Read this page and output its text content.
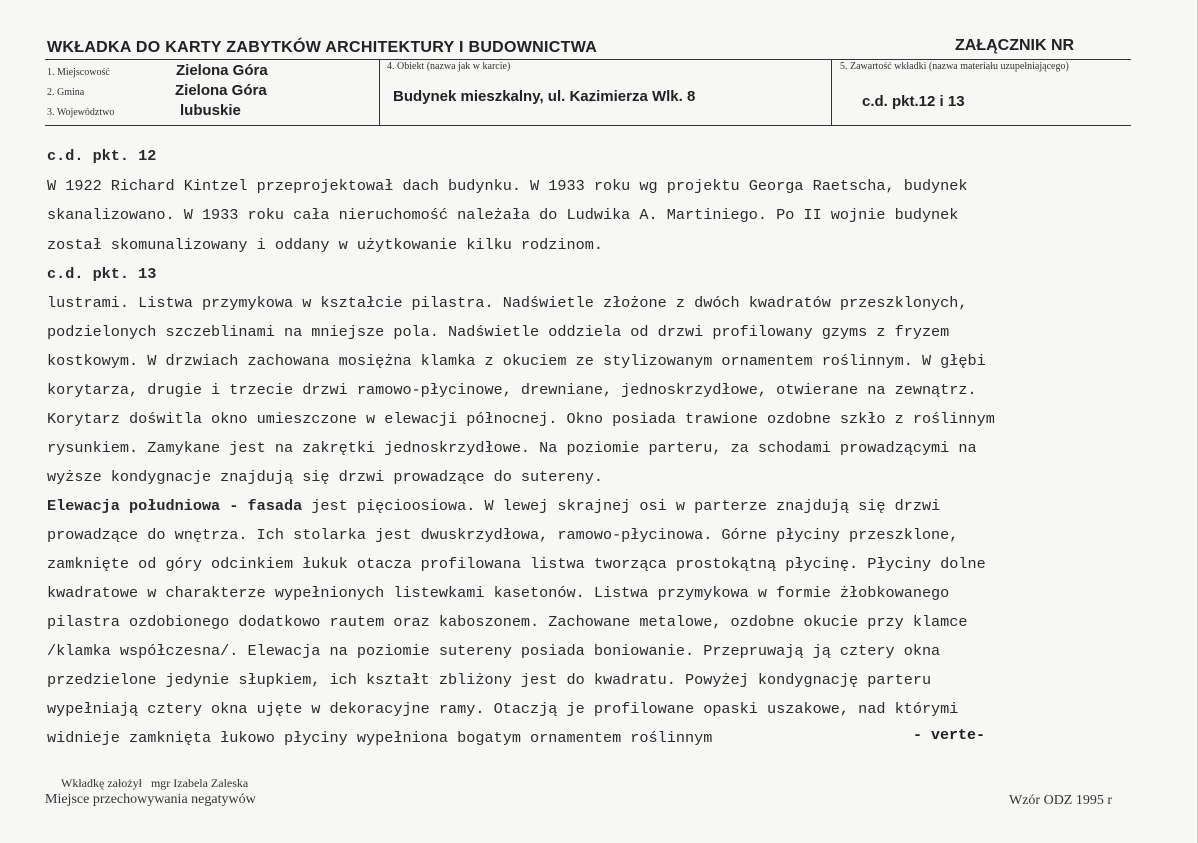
WKŁADKA DO KARTY ZABYTKÓW ARCHITEKTURY I BUDOWNICTWA	ZAŁĄCZNIK NR
1. Miejscowość	Zielona Góra
2. Gmina	Zielona Góra
3. Województwo	lubuskie
4. Obiekt (nazwa jak w karcie)
Budynek mieszkalny, ul. Kazimierza Wlk. 8
5. Zawartość wkładki (nazwa materiału uzupełniającego)
c.d. pkt.12 i 13
c.d. pkt. 12
W 1922 Richard Kintzel przeprojektował dach budynku. W 1933 roku wg projektu Georga Raetscha, budynek
skanalizowano. W 1933 roku cała nieruchomość należała do Ludwika A. Martiniego. Po II wojnie budynek
został skomunalizowany i oddany w użytkowanie kilku rodzinom.
c.d. pkt. 13
lustrami. Listwa przymykowa w kształcie pilastra. Nadświetle złożone z dwóch kwadratów przeszklonych,
podzielonych szczeblinami na mniejsze pola. Nadświetle oddziela od drzwi profilowany gzyms z fryzem
kostkowym. W drzwiach zachowana mosiężna klamka z okuciem ze stylizowanym ornamentem roślinnym. W głębi
korytarza, drugie i trzecie drzwi ramowo-płycinowe, drewniane, jednoskrzydłowe, otwierane na zewnątrz.
Korytarz doświtla okno umieszczone w elewacji północnej. Okno posiada trawione ozdobne szkło z roślinnym
rysunkiem. Zamykane jest na zakrętki jednoskrzydłowe. Na poziomie parteru, za schodami prowadzącymi na
wyższe kondygnacje znajdują się drzwi prowadzące do sutereny.
Elewacja południowa - fasada jest pięcioosiowa. W lewej skrajnej osi w parterze znajdują się drzwi
prowadzące do wnętrza. Ich stolarka jest dwuskrzydłowa, ramowo-płycinowa. Górne płyciny przeszklone,
zamknięte od góry odcinkiem łukuk otacza profilowana listwa tworząca prostokątną płycinę. Płyciny dolne
kwadratowe w charakterze wypełnionych listewkami kasetonów. Listwa przymykowa w formie żłobkowanego
pilastra ozdobionego dodatkowo rautem oraz kaboszonem. Zachowane metalowe, ozdobne okucie przy klamce
/klamka współczesna/. Elewacja na poziomie sutereny posiada boniowanie. Przepruwają ją cztery okna
przedzielone jedynie słupkiem, ich kształt zbliżony jest do kwadratu. Powyżej kondygnację parteru
wypełniają cztery okna ujęte w dekoracyjne ramy. Otaczją je profilowane opaski uszakowe, nad którymi
widnieje zamknięta łukowo płyciny wypełniona bogatym ornamentem roślinnym	- verte-
Wkładkę założył mgr Izabela Zaleska
Miejsce przechowywania negatywów	Wzór ODZ 1995 r
